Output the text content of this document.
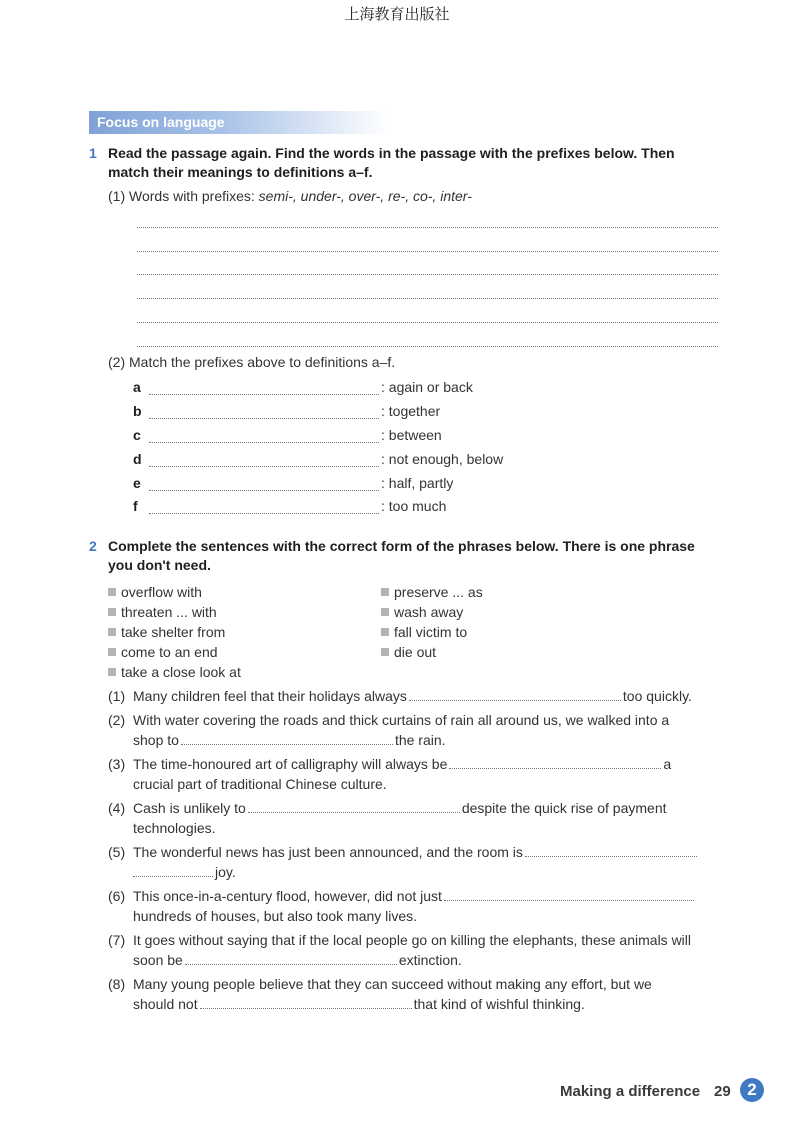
上海教育出版社
Focus on language
1 Read the passage again. Find the words in the passage with the prefixes below. Then
match their meanings to definitions a–f.
(1) Words with prefixes: semi-, under-, over-, re-, co-, inter-
(2) Match the prefixes above to definitions a–f.
a	: again or back
b	: together
c	: between
d	: not enough, below
e	: half, partly
f	: too much
2 Complete the sentences with the correct form of the phrases below. There is one phrase
you don't need.
overflow with
threaten ... with
take shelter from
come to an end
take a close look at
preserve ... as
wash away
fall victim to
die out
(1) Many children feel that their holidays always	too quickly.
(2) With water covering the roads and thick curtains of rain all around us, we walked into a
shop to	the rain.
(3) The time-honoured art of calligraphy will always be	a
crucial part of traditional Chinese culture.
(4) Cash is unlikely to	despite the quick rise of payment
technologies.
(5) The wonderful news has just been announced, and the room is
joy.
(6) This once-in-a-century flood, however, did not just
hundreds of houses, but also took many lives.
(7) It goes without saying that if the local people go on killing the elephants, these animals will
soon be	extinction.
(8) Many young people believe that they can succeed without making any effort, but we
should not	that kind of wishful thinking.
Making a difference 29 2
